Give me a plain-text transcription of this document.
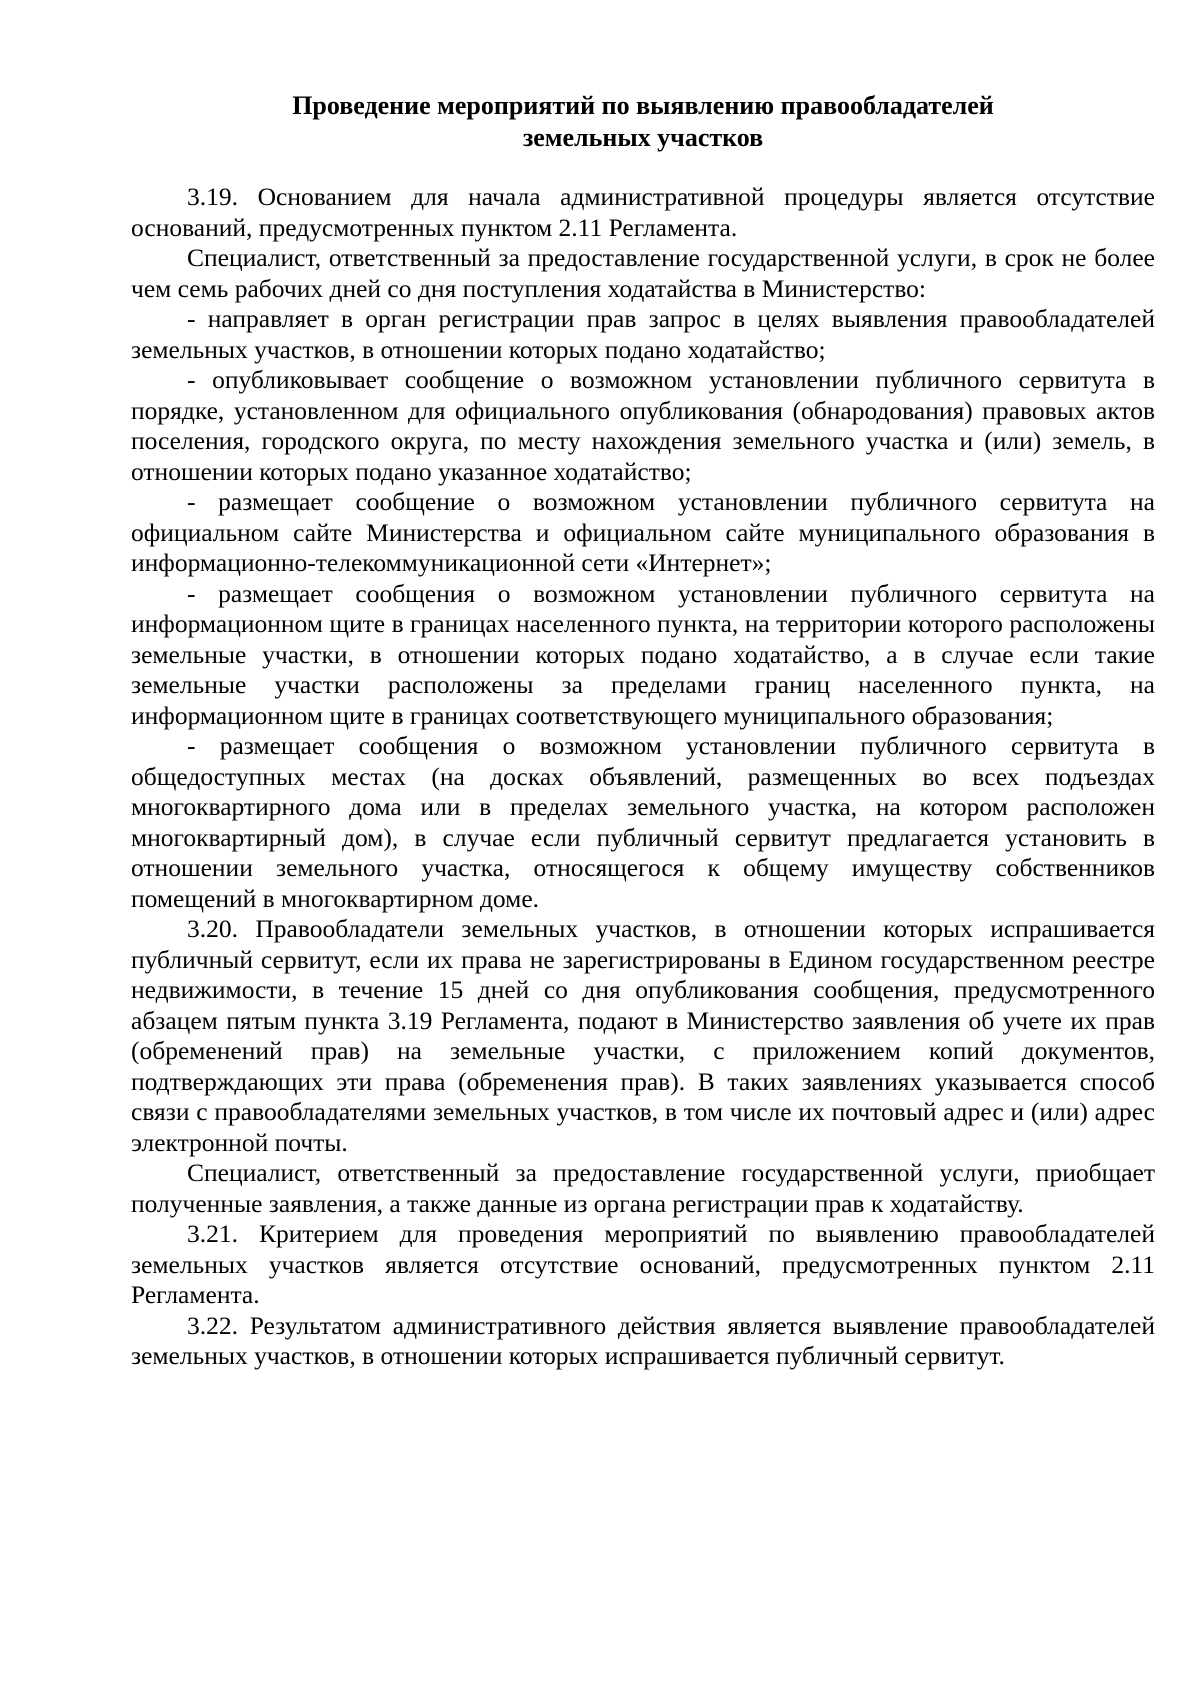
Проведение мероприятий по выявлению правообладателей
земельных участков

3.19. Основанием для начала административной процедуры является отсутствие оснований, предусмотренных пунктом 2.11 Регламента.

Специалист, ответственный за предоставление государственной услуги, в срок не более чем семь рабочих дней со дня поступления ходатайства в Министерство:

- направляет в орган регистрации прав запрос в целях выявления правообладателей земельных участков, в отношении которых подано ходатайство;

- опубликовывает сообщение о возможном установлении публичного сервитута в порядке, установленном для официального опубликования (обнародования) правовых актов поселения, городского округа, по месту нахождения земельного участка и (или) земель, в отношении которых подано указанное ходатайство;

- размещает сообщение о возможном установлении публичного сервитута на официальном сайте Министерства и официальном сайте муниципального образования в информационно-телекоммуникационной сети «Интернет»;

- размещает сообщения о возможном установлении публичного сервитута на информационном щите в границах населенного пункта, на территории которого расположены земельные участки, в отношении которых подано ходатайство, а в случае если такие земельные участки расположены за пределами границ населенного пункта, на информационном щите в границах соответствующего муниципального образования;

- размещает сообщения о возможном установлении публичного сервитута в общедоступных местах (на досках объявлений, размещенных во всех подъездах многоквартирного дома или в пределах земельного участка, на котором расположен многоквартирный дом), в случае если публичный сервитут предлагается установить в отношении земельного участка, относящегося к общему имуществу собственников помещений в многоквартирном доме.

3.20. Правообладатели земельных участков, в отношении которых испрашивается публичный сервитут, если их права не зарегистрированы в Едином государственном реестре недвижимости, в течение 15 дней со дня опубликования сообщения, предусмотренного абзацем пятым пункта 3.19 Регламента, подают в Министерство заявления об учете их прав (обременений прав) на земельные участки, с приложением копий документов, подтверждающих эти права (обременения прав). В таких заявлениях указывается способ связи с правообладателями земельных участков, в том числе их почтовый адрес и (или) адрес электронной почты.

Специалист, ответственный за предоставление государственной услуги, приобщает полученные заявления, а также данные из органа регистрации прав к ходатайству.

3.21. Критерием для проведения мероприятий по выявлению правообладателей земельных участков является отсутствие оснований, предусмотренных пунктом 2.11 Регламента.

3.22. Результатом административного действия является выявление правообладателей земельных участков, в отношении которых испрашивается публичный сервитут.
